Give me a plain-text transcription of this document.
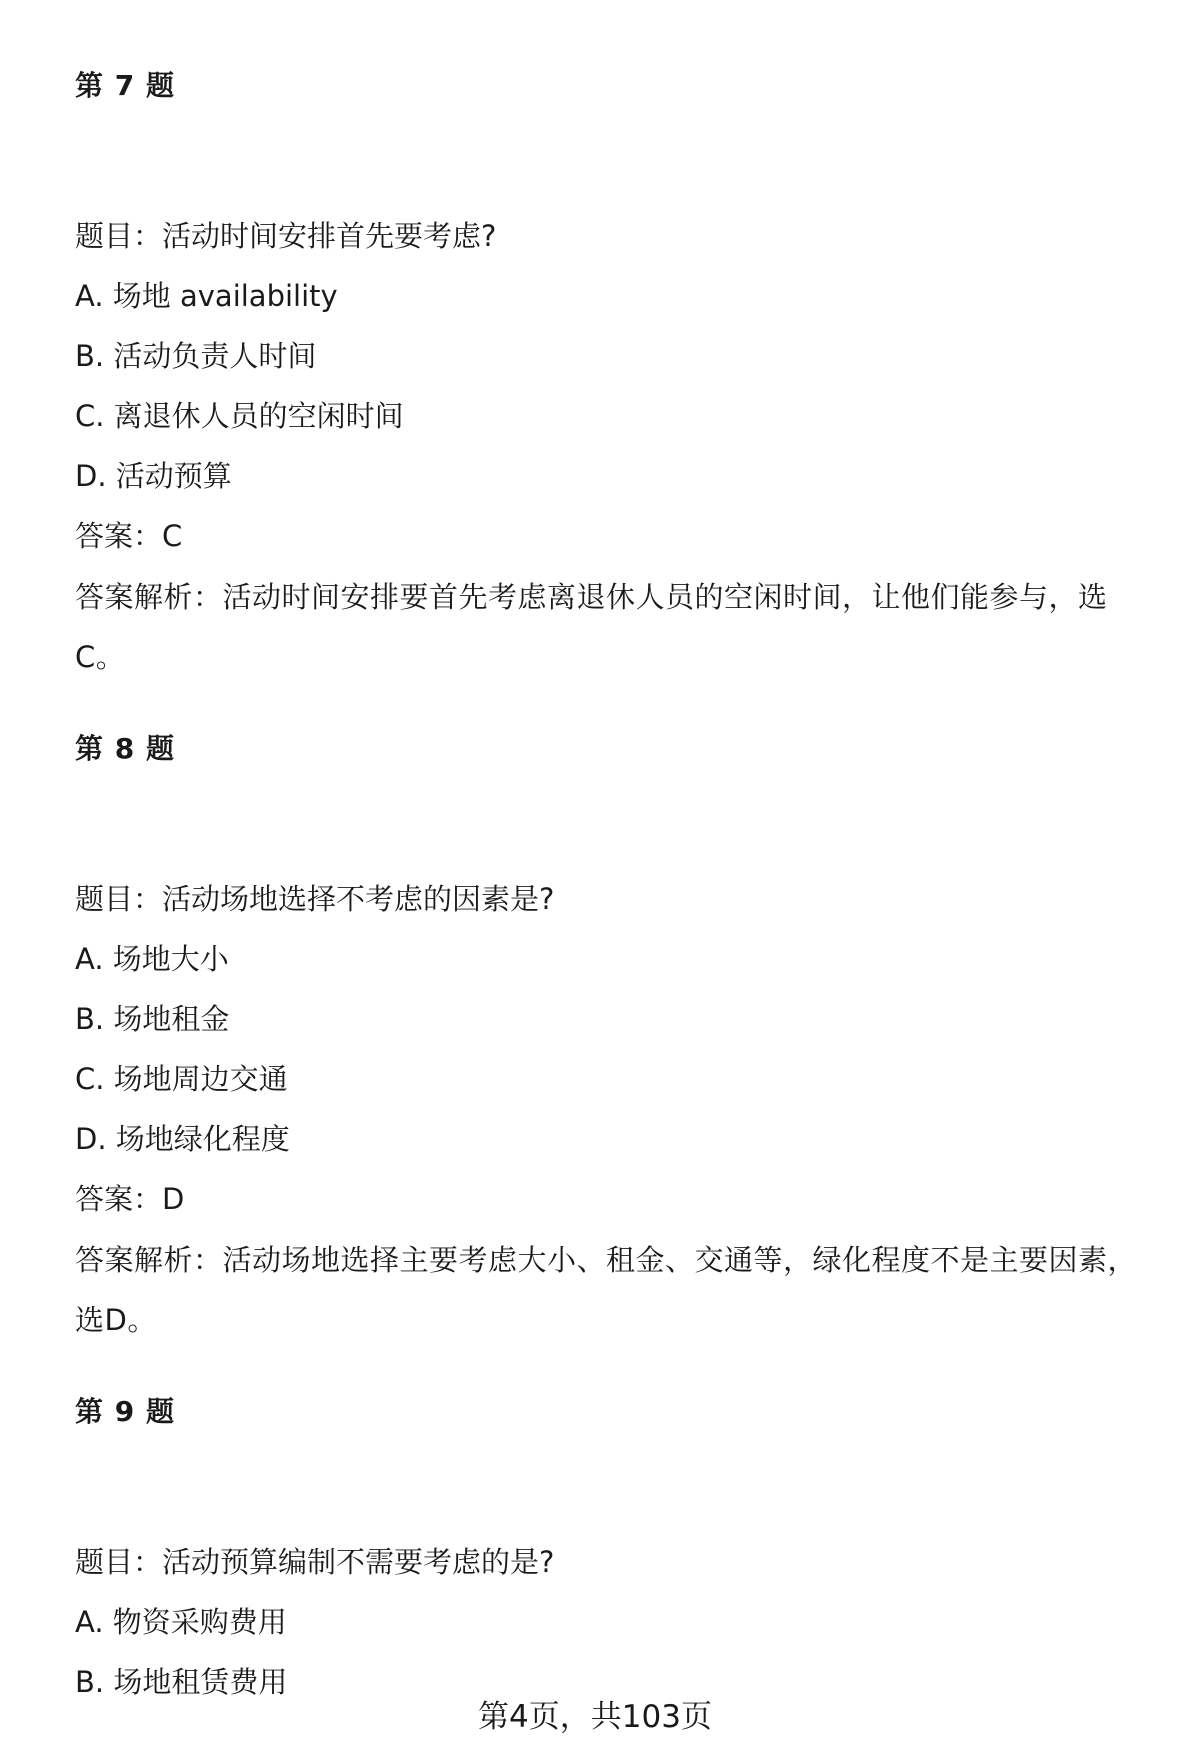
第 7 题

题目：活动时间安排首先要考虑?

A. 场地 availability

B. 活动负责人时间

C. 离退休人员的空闲时间

D. 活动预算

答案：C

答案解析：活动时间安排要首先考虑离退休人员的空闲时间，让他们能参与，选C。

第 8 题

题目：活动场地选择不考虑的因素是?

A. 场地大小

B. 场地租金

C. 场地周边交通

D. 场地绿化程度

答案：D

答案解析：活动场地选择主要考虑大小、租金、交通等，绿化程度不是主要因素，选D。

第 9 题

题目：活动预算编制不需要考虑的是?

A. 物资采购费用

B. 场地租赁费用

第4页，共103页
